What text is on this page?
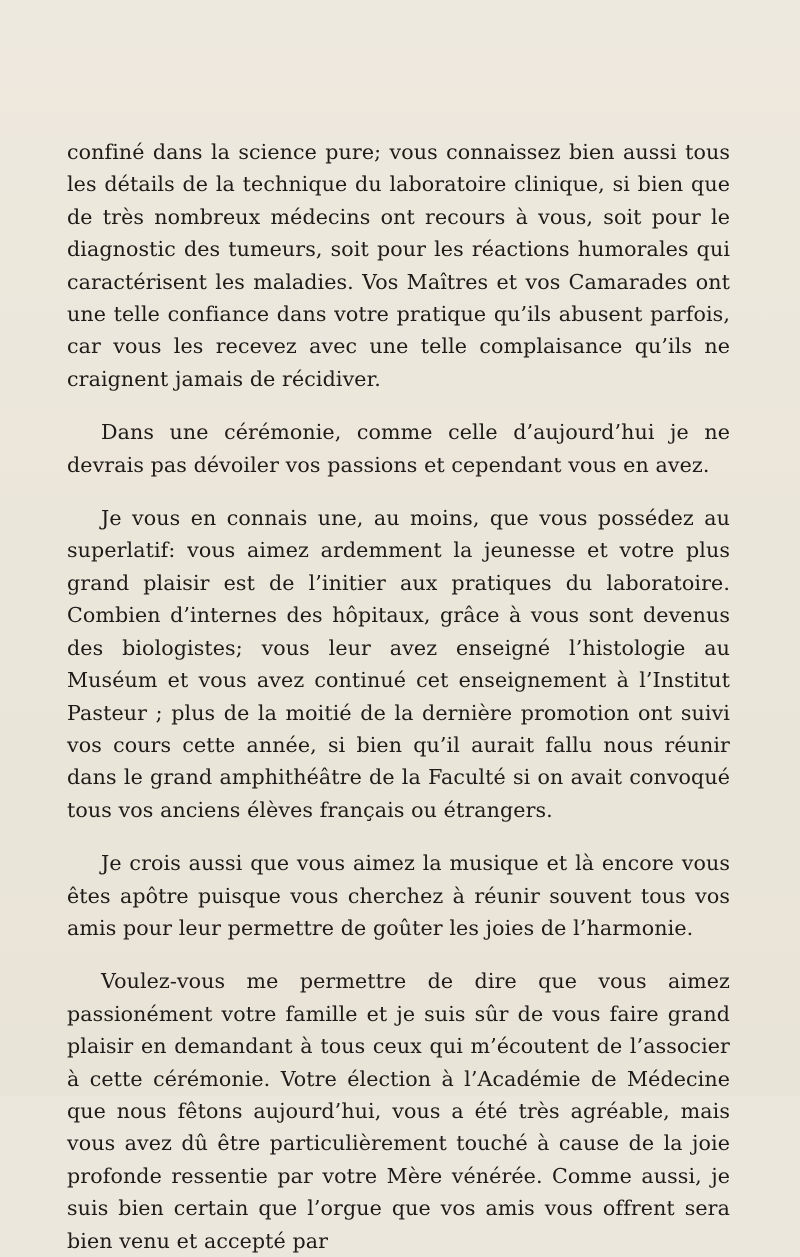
confiné dans la science pure; vous connaissez bien aussi tous les détails de la technique du laboratoire clinique, si bien que de très nombreux médecins ont recours à vous, soit pour le diagnostic des tumeurs, soit pour les réactions humorales qui caractérisent les maladies. Vos Maîtres et vos Camarades ont une telle confiance dans votre pratique qu’ils abusent parfois, car vous les recevez avec une telle complaisance qu’ils ne craignent jamais de récidiver.

Dans une cérémonie, comme celle d’aujourd’hui je ne devrais pas dévoiler vos passions et cependant vous en avez.

Je vous en connais une, au moins, que vous possédez au superlatif: vous aimez ardemment la jeunesse et votre plus grand plaisir est de l’initier aux pratiques du laboratoire. Combien d’internes des hôpitaux, grâce à vous sont devenus des biologistes; vous leur avez enseigné l’histologie au Muséum et vous avez continué cet enseignement à l’Institut Pasteur ; plus de la moitié de la dernière promotion ont suivi vos cours cette année, si bien qu’il aurait fallu nous réunir dans le grand amphithéâtre de la Faculté si on avait convoqué tous vos anciens élèves français ou étrangers.

Je crois aussi que vous aimez la musique et là encore vous êtes apôtre puisque vous cherchez à réunir souvent tous vos amis pour leur permettre de goûter les joies de l’harmonie.

Voulez-vous me permettre de dire que vous aimez passionément votre famille et je suis sûr de vous faire grand plaisir en demandant à tous ceux qui m’écoutent de l’associer à cette cérémonie. Votre élection à l’Académie de Médecine que nous fêtons aujourd’hui, vous a été très agréable, mais vous avez dû être particulièrement touché à cause de la joie profonde ressentie par votre Mère vénérée. Comme aussi, je suis bien certain que l’orgue que vos amis vous offrent sera bien venu et accepté par
